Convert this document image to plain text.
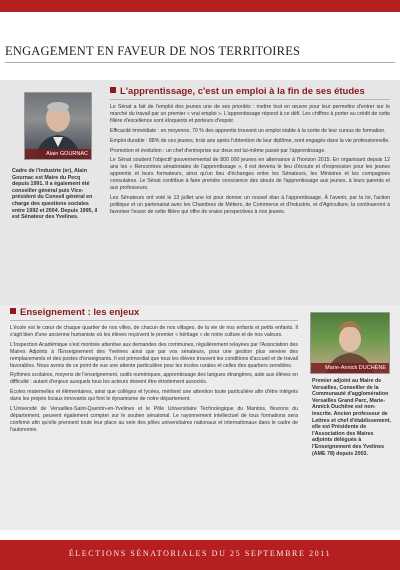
ENGAGEMENT EN FAVEUR DE NOS TERRITOIRES
Alain GOURNAC
Cadre de l'industrie (er), Alain Gournac est Maire du Pecq depuis 1991. Il a également été conseiller général puis Vice-président du Conseil général en charge des questions sociales entre 1992 et 2004. Depuis 1995, il est Sénateur des Yvelines.
L'apprentissage, c'est un emploi à la fin de ses études

Le Sénat a fait de l'emploi des jeunes une de ses priorités : mettre tout en œuvre pour leur permettre d'entrer sur le marché du travail par un premier « vrai emploi ». L'apprentissage répond à ce défi. Les chiffres à porter au crédit de cette filière d'excellence sont éloquents et porteurs d'espoir.

Efficacité immédiate : en moyenne, 70 % des apprentis trouvent un emploi stable à la sortie de leur cursus de formation.

Emploi durable : 88% de ces jeunes, trois ans après l'obtention de leur diplôme, sont engagés dans la vie professionnelle.

Promotion et évolution : un chef d'entreprise sur deux est lui-même passé par l'apprentissage.

Le Sénat soutient l'objectif gouvernemental de 800 000 jeunes en alternance à l'horizon 2015. En organisant depuis 12 ans les « Rencontres sénatoriales de l'apprentissage », il est devenu le lieu d'écoute et d'expression pour les jeunes apprentis et leurs formateurs, ainsi qu'un lieu d'échanges entre les Sénateurs, les Ministres et les compagnies consulaires. Le Sénat contribue à faire prendre conscience des atouts de l'apprentissage aux jeunes, à leurs parents et aux professeurs.

Les Sénateurs ont voté le 13 juillet une loi pour donner un nouvel élan à l'apprentissage. À l'avenir, par la loi, l'action politique et un partenariat avec les Chambres de Métiers, de Commerce et d'Industrie, et d'Agriculture, la continueront à favoriser l'essor de cette filière qui offre de vraies perspectives à nos jeunes.

Enseignement : les enjeux

L'école est le cœur de chaque quartier de nos villes, de chacun de nos villages, de la vie de nos enfants et petits enfants. Il s'agit bien d'une ancienne humaniste où les élèves reçoivent le premier « héritage » de notre culture et de nos valeurs.

L'Inspection Académique s'est montrée attentive aux demandes des communes, régulièrement relayées par l'Association des Maires Adjoints à l'Enseignement des Yvelines ainsi que par vos sénateurs, pour une gestion plus sereine des remplacements et des postes d'enseignants. Il est primordial que tous les élèves trouvent les conditions d'accueil et de travail favorables. Nous avons de ce point de vue une attente particulière pour les écoles rurales et celles des quartiers sensibles.

Rythmes scolaires, moyens de l'enseignement, outils numériques, apprentissage des langues étrangères, aide aux élèves en difficulté : autant d'enjeux auxquels tous les acteurs doivent être étroitement associés.

Écoles maternelles et élémentaires, ainsi que collèges et lycées, méritent une attention toute particulière afin d'être intégrés dans les projets locaux innovants qui font le dynamisme de notre département.

L'Université de Versailles-Saint-Quentin-en-Yvelines et le Pôle Universitaire Technologique du Mantois, fleurons du département, peuvent également compter sur le soutien sénatorial. Le rayonnement intellectuel de tous formations sera confirmé afin qu'elle prennent toute leur place au sein des pôles universitaires nationaux et internationaux dans le cadre de l'autonomie.

Marie-Annick DUCHÈNE
Premier adjoint au Maire de Versailles, Conseiller de la Communauté d'agglomération Versailles Grand Parc, Marie-Annick Duchêne est non-inscrite. Ancien professeur de Lettres et chef d'établissement, elle est Présidente de l'Association des Maires adjoints délégués à l'Enseignement des Yvelines (AME 78) depuis 2003.
ÉLECTIONS SÉNATORIALES DU 25 SEPTEMBRE 2011
